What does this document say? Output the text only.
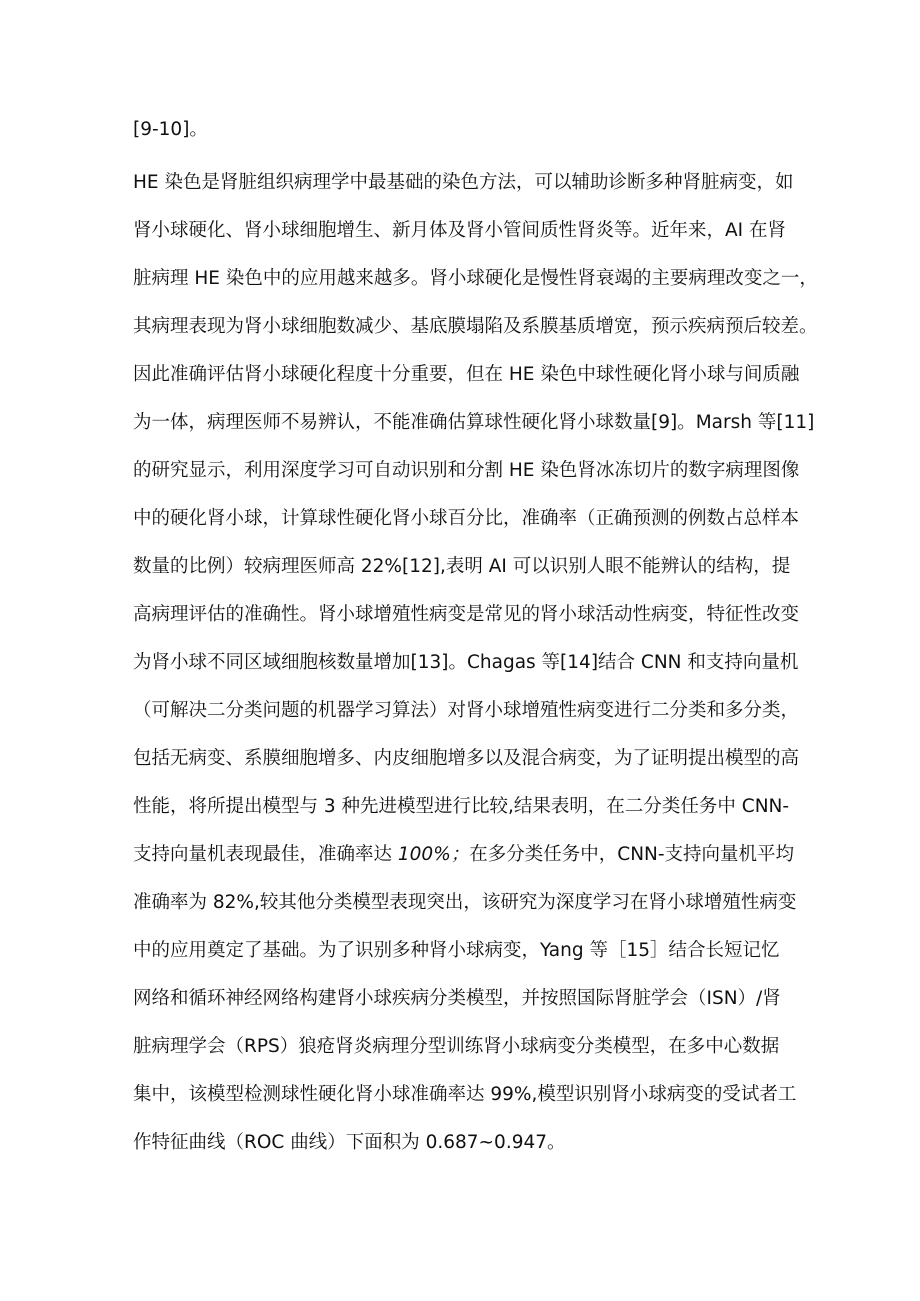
[9-10]。
HE 染色是肾脏组织病理学中最基础的染色方法，可以辅助诊断多种肾脏病变，如
肾小球硬化、肾小球细胞增生、新月体及肾小管间质性肾炎等。近年来，AI 在肾
脏病理 HE 染色中的应用越来越多。肾小球硬化是慢性肾衰竭的主要病理改变之一，
其病理表现为肾小球细胞数减少、基底膜塌陷及系膜基质增宽，预示疾病预后较差。
因此准确评估肾小球硬化程度十分重要，但在 HE 染色中球性硬化肾小球与间质融
为一体，病理医师不易辨认，不能准确估算球性硬化肾小球数量[9]。Marsh 等[11]
的研究显示，利用深度学习可自动识别和分割 HE 染色肾冰冻切片的数字病理图像
中的硬化肾小球，计算球性硬化肾小球百分比，准确率（正确预测的例数占总样本
数量的比例）较病理医师高 22%[12],表明 AI 可以识别人眼不能辨认的结构，提
高病理评估的准确性。肾小球增殖性病变是常见的肾小球活动性病变，特征性改变
为肾小球不同区域细胞核数量增加[13]。Chagas 等[14]结合 CNN 和支持向量机
（可解决二分类问题的机器学习算法）对肾小球增殖性病变进行二分类和多分类，
包括无病变、系膜细胞增多、内皮细胞增多以及混合病变，为了证明提出模型的高
性能，将所提出模型与 3 种先进模型进行比较,结果表明，在二分类任务中 CNN-
支持向量机表现最佳，准确率达 100%；在多分类任务中，CNN-支持向量机平均
准确率为 82%,较其他分类模型表现突出，该研究为深度学习在肾小球增殖性病变
中的应用奠定了基础。为了识别多种肾小球病变，Yang 等［15］结合长短记忆
网络和循环神经网络构建肾小球疾病分类模型，并按照国际肾脏学会（ISN）/肾
脏病理学会（RPS）狼疮肾炎病理分型训练肾小球病变分类模型，在多中心数据
集中，该模型检测球性硬化肾小球准确率达 99%,模型识别肾小球病变的受试者工
作特征曲线（ROC 曲线）下面积为 0.687~0.947。
